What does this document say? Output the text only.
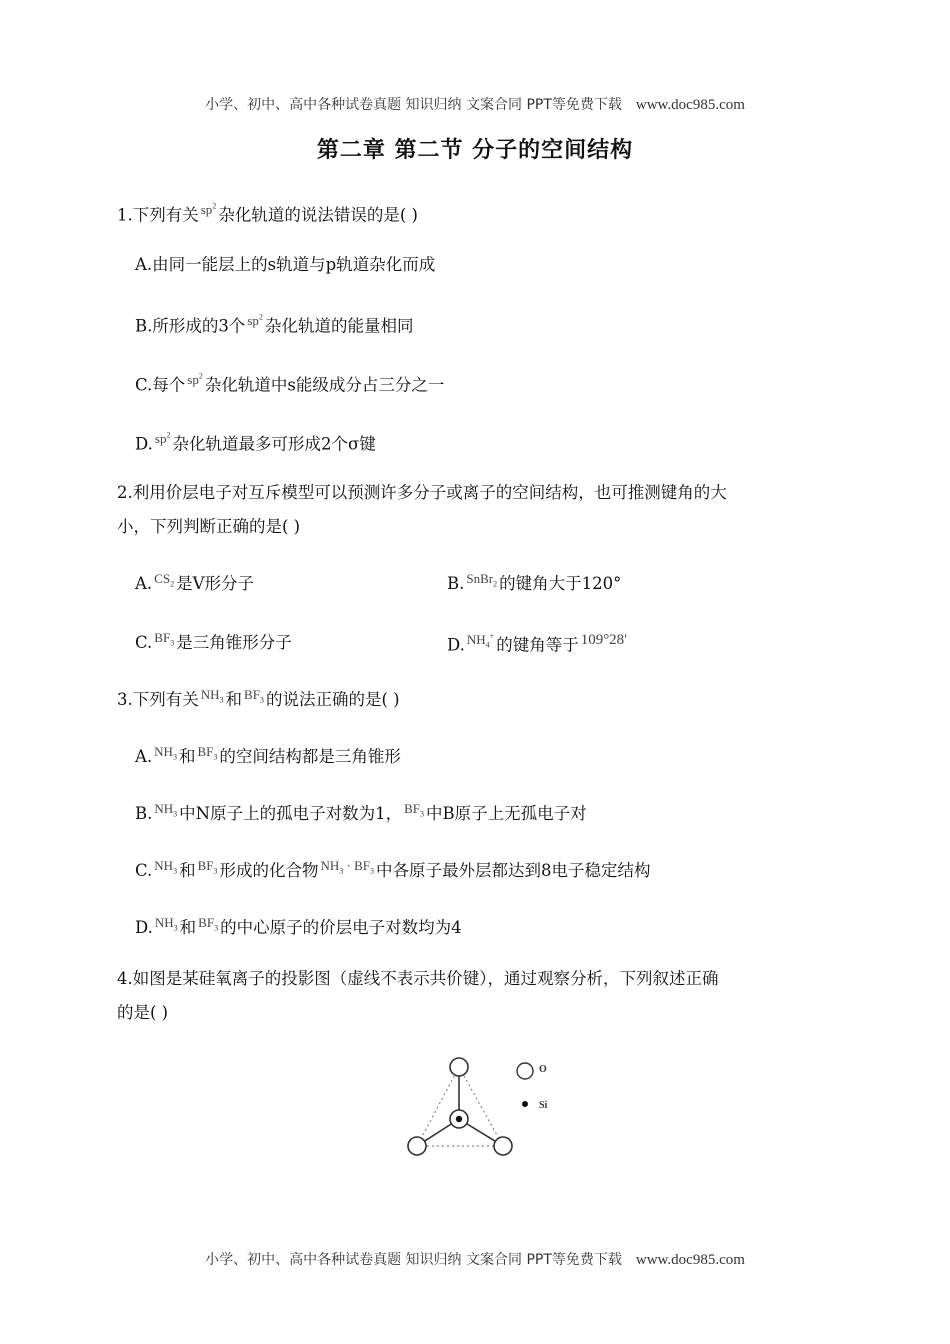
小学、初中、高中各种试卷真题 知识归纳 文案合同 PPT等免费下载 www.doc985.com
第二章 第二节 分子的空间结构
1.下列有关 $^{sp^2}$ 杂化轨道的说法错误的是( )
A.由同一能层上的s轨道与p轨道杂化而成
B.所形成的3个 $^{sp^2}$ 杂化轨道的能量相同
C.每个 $^{sp^2}$ 杂化轨道中s能级成分占三分之一
D. $^{sp^2}$ 杂化轨道最多可形成2个σ键
2.利用价层电子对互斥模型可以预测许多分子或离子的空间结构，也可推测键角的大
小，下列判断正确的是( )
A. $^{CS_2}$ 是V形分子	B. $^{SnBr_2}$ 的键角大于120°
C. $^{BF_3}$ 是三角锥形分子	D. $^{NH_4^+}$ 的键角等于 109°28′
3.下列有关 $^{NH_3}$ 和 $^{BF_3}$ 的说法正确的是( )
A. $^{NH_3}$ 和 $^{BF_3}$ 的空间结构都是三角锥形
B. $^{NH_3}$ 中N原子上的孤电子对数为1， $^{BF_3}$ 中B原子上无孤电子对
C. $^{NH_3}$ 和 $^{BF_3}$ 形成的化合物 $^{NH_3 \cdot BF_3}$ 中各原子最外层都达到8电子稳定结构
D. $^{NH_3}$ 和 $^{BF_3}$ 的中心原子的价层电子对数均为4
4.如图是某硅氧离子的投影图（虚线不表示共价键），通过观察分析，下列叙述正确
的是( )
O
Si
小学、初中、高中各种试卷真题 知识归纳 文案合同 PPT等免费下载 www.doc985.com
